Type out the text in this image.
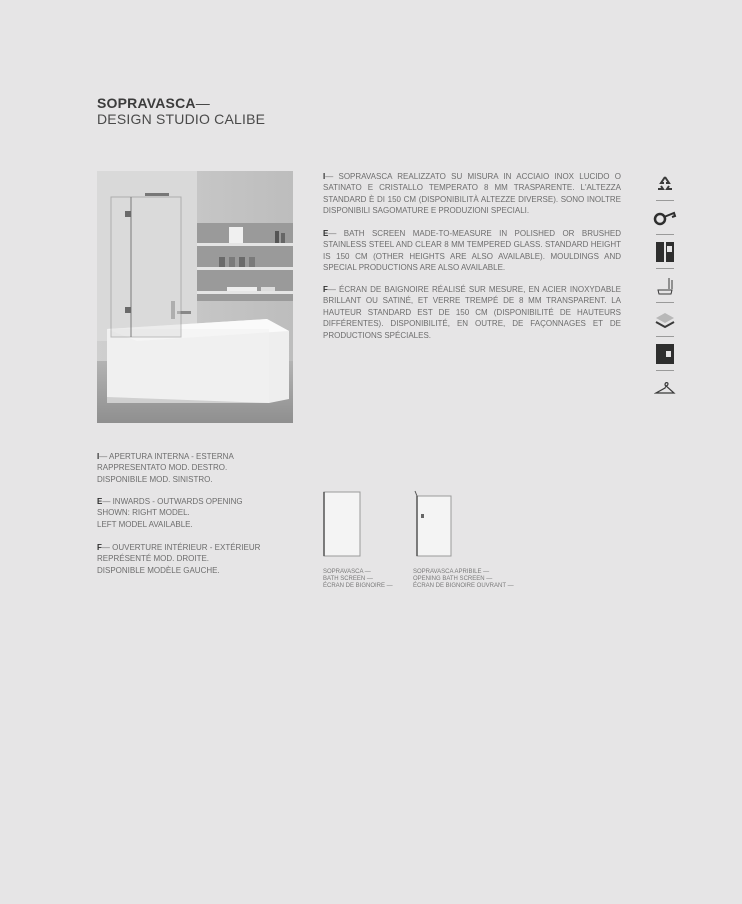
SOPRAVASCA—
DESIGN STUDIO CALIBE
I— SOPRAVASCA REALIZZATO SU MISURA IN ACCIAIO INOX LUCIDO O SATINATO E CRISTALLO TEMPERATO 8 MM TRASPARENTE. L'ALTEZZA STANDARD È DI 150 CM (DISPONIBILITÀ ALTEZZE DIVERSE). SONO INOLTRE DISPONIBILI SAGOMATURE E PRODUZIONI SPECIALI.
E— BATH SCREEN MADE-TO-MEASURE IN POLISHED OR BRUSHED STAINLESS STEEL AND CLEAR 8 MM TEMPERED GLASS. STANDARD HEIGHT IS 150 CM (OTHER HEIGHTS ARE ALSO AVAILABLE). MOULDINGS AND SPECIAL PRODUCTIONS ARE ALSO AVAILABLE.
F— ÉCRAN DE BAIGNOIRE RÉALISÉ SUR MESURE, EN ACIER INOXYDABLE BRILLANT OU SATINÉ, ET VERRE TREMPÉ DE 8 MM TRANSPARENT. LA HAUTEUR STANDARD EST DE 150 CM (DISPONIBILITÉ DE HAUTEURS DIFFÉRENTES). DISPONIBILITÉ, EN OUTRE, DE FAÇONNAGES ET DE PRODUCTIONS SPÉCIALES.
I— APERTURA INTERNA - ESTERNA
RAPPRESENTATO MOD. DESTRO.
DISPONIBILE MOD. SINISTRO.
E— INWARDS - OUTWARDS OPENING
SHOWN: RIGHT MODEL.
LEFT MODEL AVAILABLE.
F— OUVERTURE INTÉRIEUR - EXTÉRIEUR
REPRÉSENTÉ MOD. DROITE.
DISPONIBLE MODÈLE GAUCHE.	SOPRAVASCA —
BATH SCREEN —
ÉCRAN DE BIGNOIRE —
SOPRAVASCA APRIBILE —
OPENING BATH SCREEN —
ÉCRAN DE BIGNOIRE OUVRANT —
